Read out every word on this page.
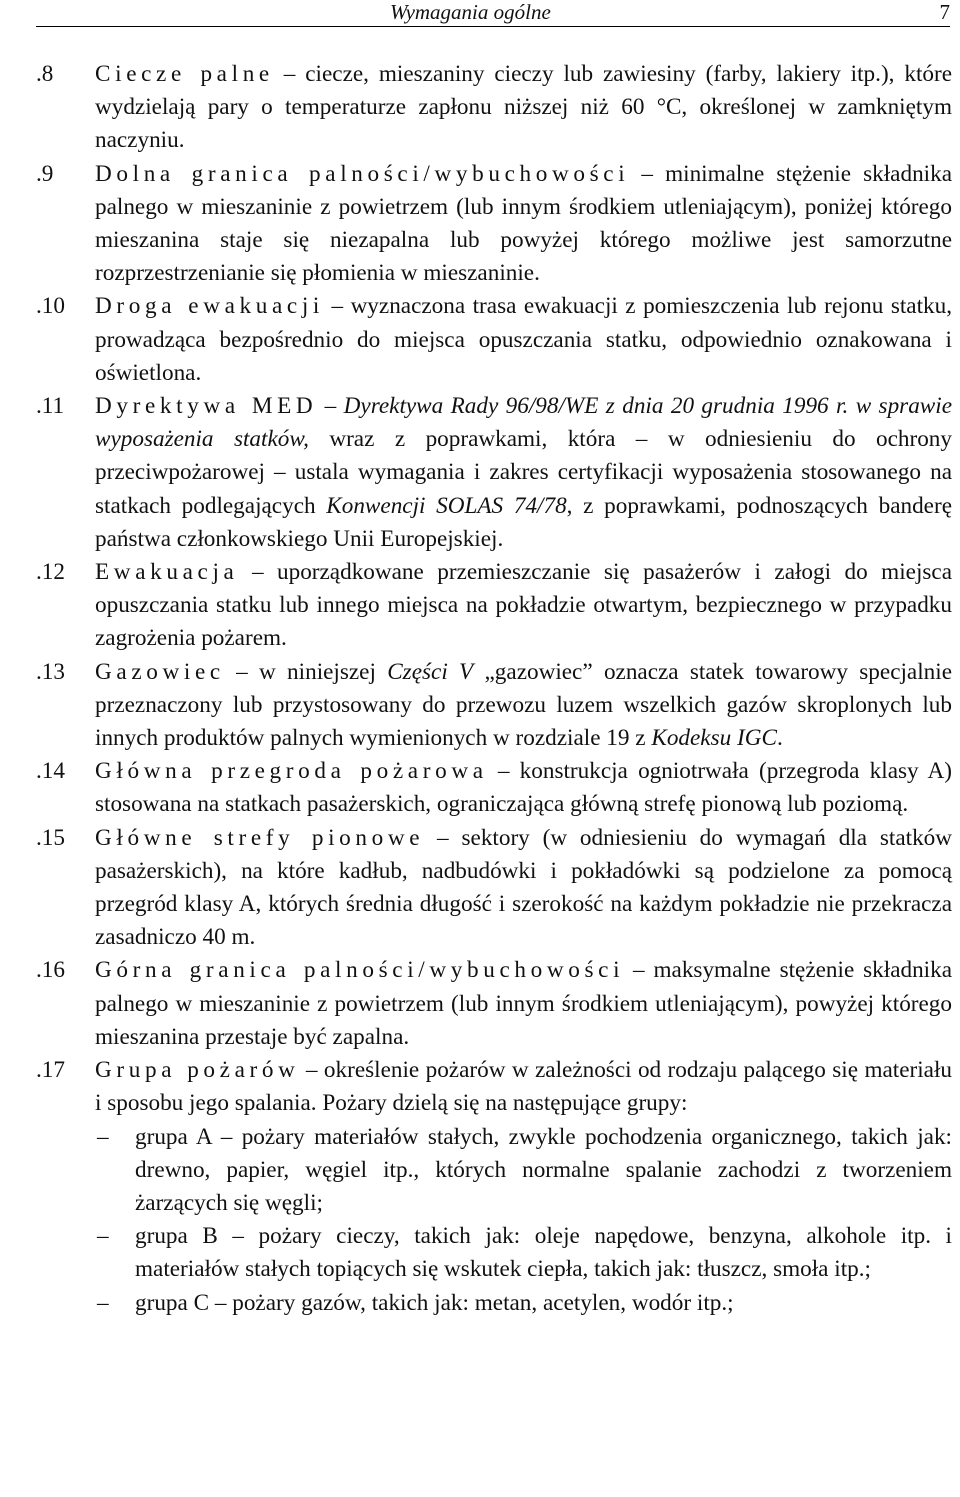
Wymagania ogólne	7

.8 Ciecze palne – ciecze, mieszaniny cieczy lub zawiesiny (farby, lakiery itp.), które wydzielają pary o temperaturze zapłonu niższej niż 60 °C, określonej w zamkniętym naczyniu.

.9 Dolna granica palności/wybuchowości – minimalne stężenie składnika palnego w mieszaninie z powietrzem (lub innym środkiem utleniającym), poniżej którego mieszanina staje się niezapalna lub powyżej którego możliwe jest samorzutne rozprzestrzenianie się płomienia w mieszaninie.

.10 Droga ewakuacji – wyznaczona trasa ewakuacji z pomieszczenia lub rejonu statku, prowadząca bezpośrednio do miejsca opuszczania statku, odpowiednio oznakowana i oświetlona.

.11 Dyrektywa MED – Dyrektywa Rady 96/98/WE z dnia 20 grudnia 1996 r. w sprawie wyposażenia statków, wraz z poprawkami, która – w odniesieniu do ochrony przeciwpożarowej – ustala wymagania i zakres certyfikacji wyposażenia stosowanego na statkach podlegających Konwencji SOLAS 74/78, z poprawkami, podnoszących banderę państwa członkowskiego Unii Europejskiej.

.12 Ewakuacja – uporządkowane przemieszczanie się pasażerów i załogi do miejsca opuszczania statku lub innego miejsca na pokładzie otwartym, bezpiecznego w przypadku zagrożenia pożarem.

.13 Gazowiec – w niniejszej Części V „gazowiec” oznacza statek towarowy specjalnie przeznaczony lub przystosowany do przewozu luzem wszelkich gazów skroplonych lub innych produktów palnych wymienionych w rozdziale 19 z Kodeksu IGC.

.14 Główna przegroda pożarowa – konstrukcja ogniotrwała (przegroda klasy A) stosowana na statkach pasażerskich, ograniczająca główną strefę pionową lub poziomą.

.15 Główne strefy pionowe – sektory (w odniesieniu do wymagań dla statków pasażerskich), na które kadłub, nadbudówki i pokładówki są podzielone za pomocą przegród klasy A, których średnia długość i szerokość na każdym pokładzie nie przekracza zasadniczo 40 m.

.16 Górna granica palności/wybuchowości – maksymalne stężenie składnika palnego w mieszaninie z powietrzem (lub innym środkiem utleniającym), powyżej którego mieszanina przestaje być zapalna.

.17 Grupa pożarów – określenie pożarów w zależności od rodzaju palącego się materiału i sposobu jego spalania. Pożary dzielą się na następujące grupy:
– grupa A – pożary materiałów stałych, zwykle pochodzenia organicznego, takich jak: drewno, papier, węgiel itp., których normalne spalanie zachodzi z tworzeniem żarzących się węgli;
– grupa B – pożary cieczy, takich jak: oleje napędowe, benzyna, alkohole itp. i materiałów stałych topiących się wskutek ciepła, takich jak: tłuszcz, smoła itp.;
– grupa C – pożary gazów, takich jak: metan, acetylen, wodór itp.;
